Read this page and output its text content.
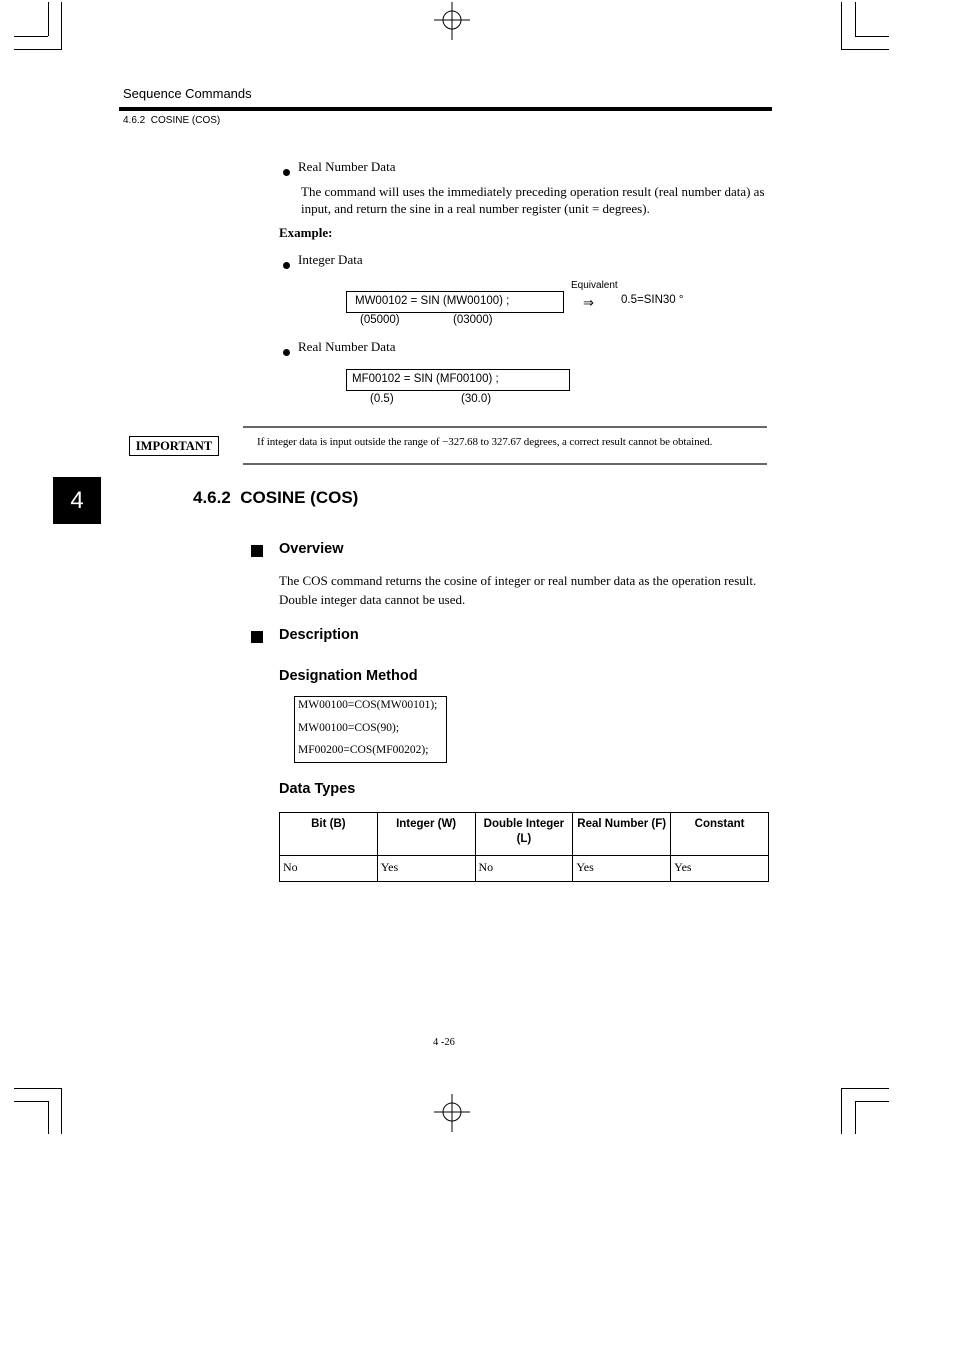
Sequence Commands
4.6.2  COSINE (COS)
4
Real Number Data
The command will uses the immediately preceding operation result (real number data) as
input, and return the sine in a real number register (unit = degrees).
Example:
Integer Data
Equivalent
MW00102 = SIN (MW00100) ;	⇒ 0.5=SIN30 °
(05000)	(03000)
Real Number Data
MF00102 = SIN (MF00100) ;
(0.5)	(30.0)
IMPORTANT	If integer data is input outside the range of −327.68 to 327.67 degrees, a correct result cannot be obtained.
4.6.2  COSINE (COS)
Overview
The COS command returns the cosine of integer or real number data as the operation result.
Double integer data cannot be used.
Description
Designation Method
MW00100=COS(MW00101);
MW00100=COS(90);
MF00200=COS(MF00202);
Data Types
Bit (B)	Integer (W)	Double Integer (L)	Real Number (F)	Constant
No	Yes	No	Yes	Yes
4 -26
